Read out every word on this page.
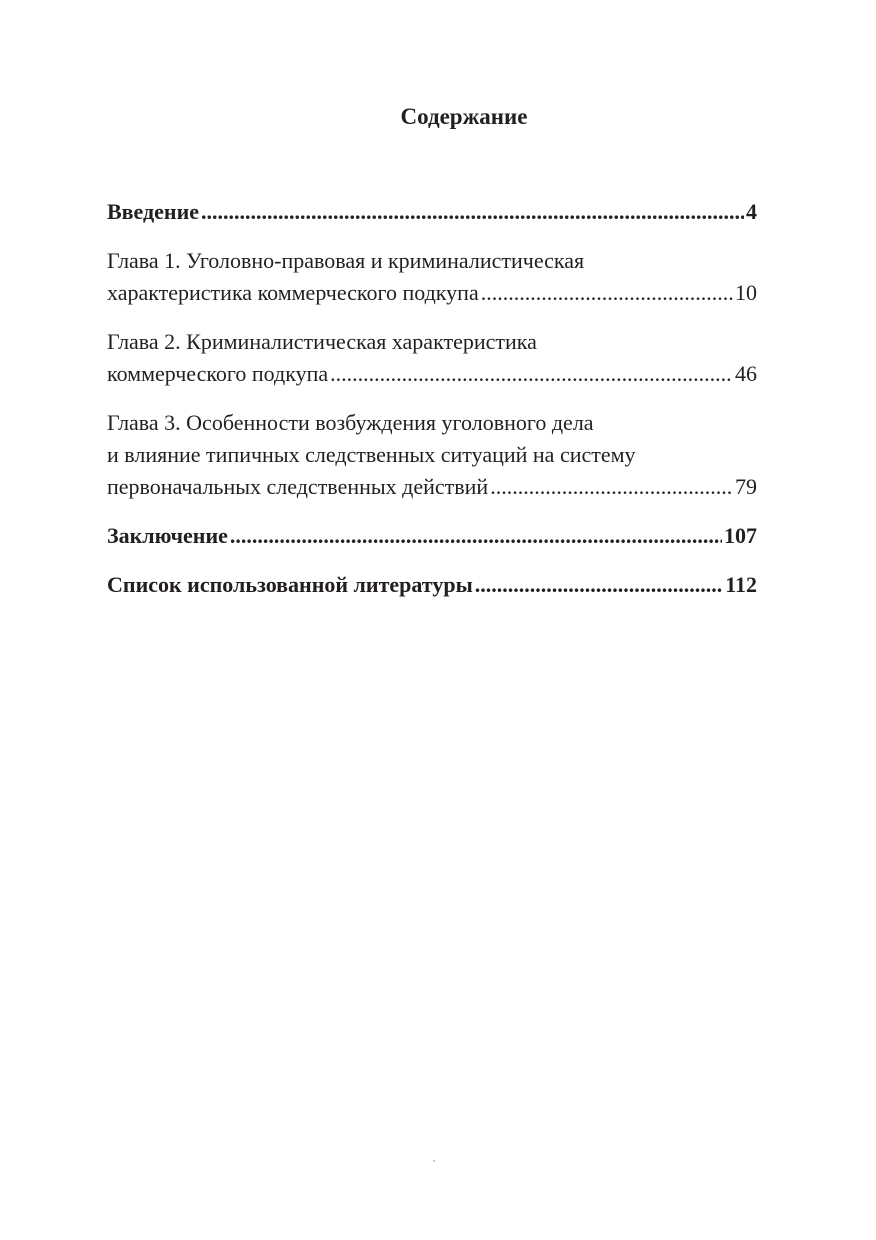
Содержание
Введение .....	4
Глава 1. Уголовно-правовая и криминалистическая
характеристика коммерческого подкупа .....	10
Глава 2. Криминалистическая характеристика
коммерческого подкупа .....	46
Глава 3. Особенности возбуждения уголовного дела
и влияние типичных следственных ситуаций на систему
первоначальных следственных действий .....	79
Заключение .....	107
Список использованной литературы .....	112
